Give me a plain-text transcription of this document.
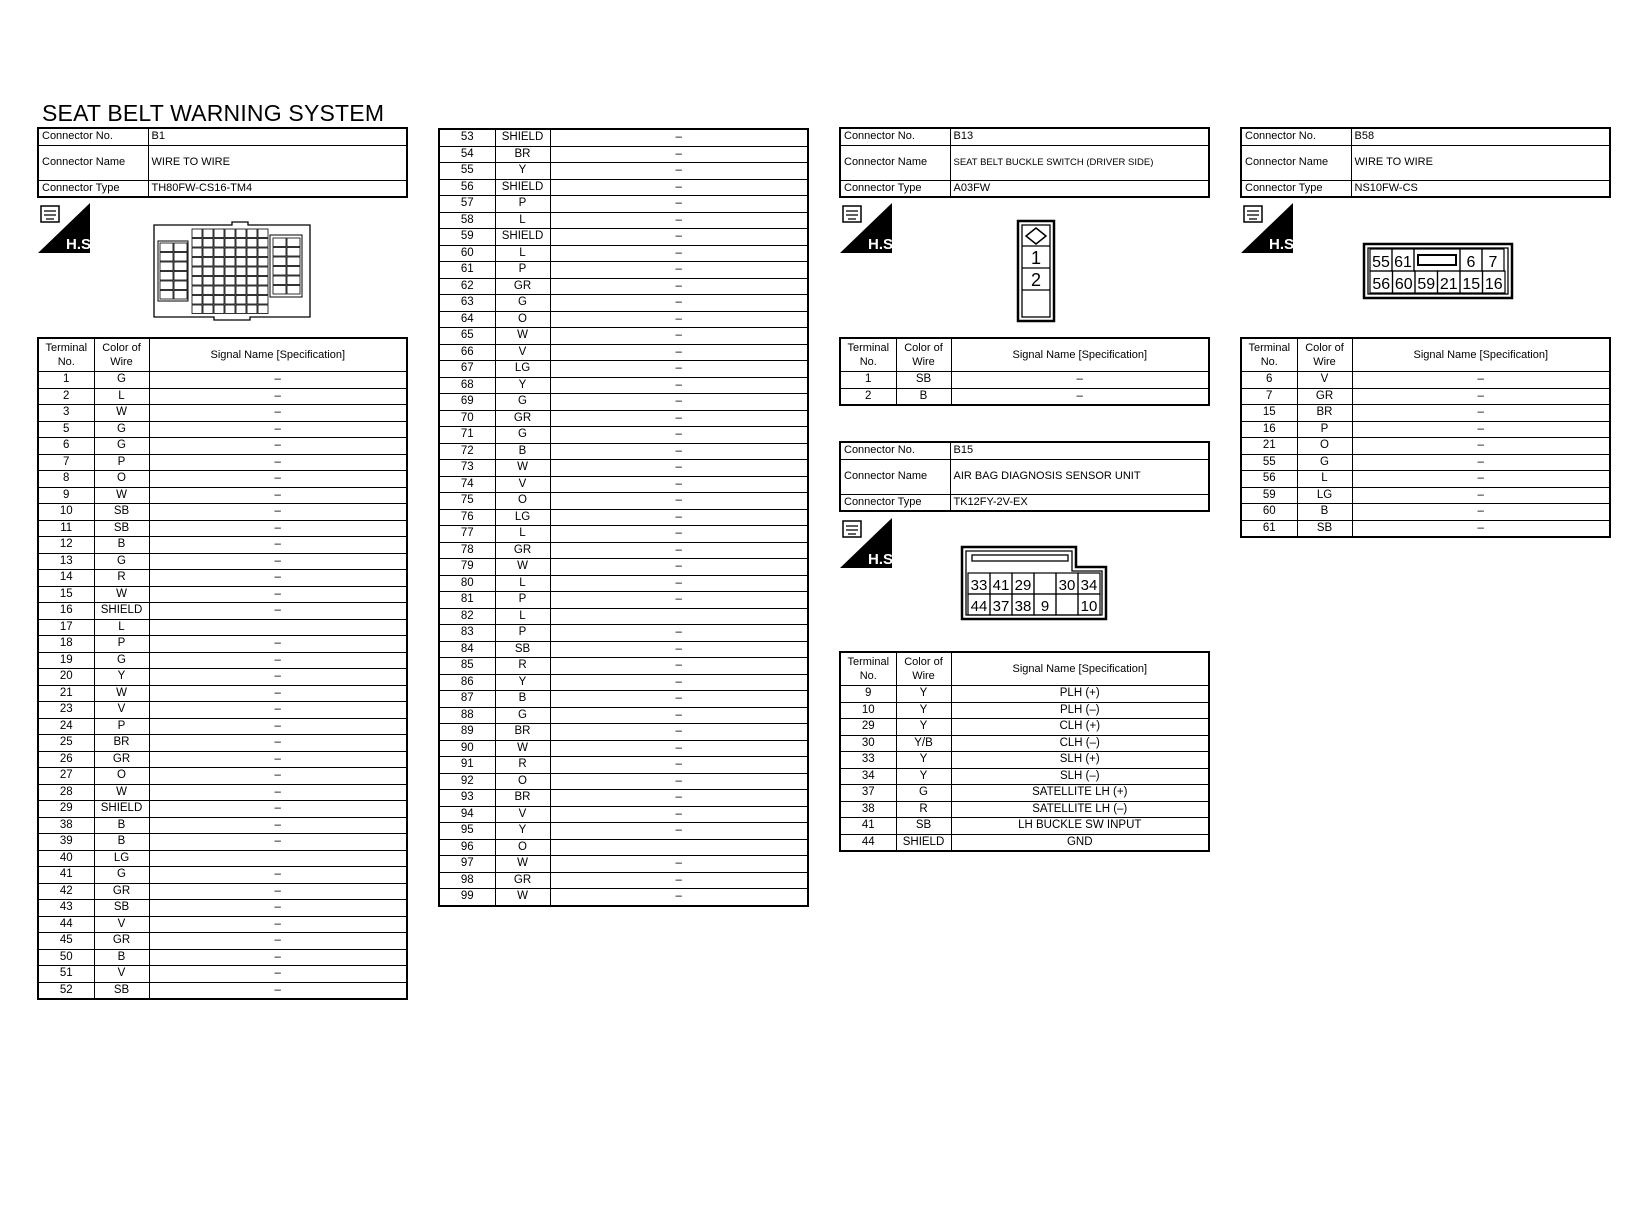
SEAT BELT WARNING SYSTEM
Connector No.	B1
Connector Name	WIRE TO WIRE
Connector Type	TH80FW-CS16-TM4
H.S.
Terminal No.	Color of Wire	Signal Name [Specification]
1	G	–
2	L	–
3	W	–
5	G	–
6	G	–
7	P	–
8	O	–
9	W	–
10	SB	–
11	SB	–
12	B	–
13	G	–
14	R	–
15	W	–
16	SHIELD	–
17	L	
18	P	–
19	G	–
20	Y	–
21	W	–
23	V	–
24	P	–
25	BR	–
26	GR	–
27	O	–
28	W	–
29	SHIELD	–
38	B	–
39	B	–
40	LG	
41	G	–
42	GR	–
43	SB	–
44	V	–
45	GR	–
50	B	–
51	V	–
52	SB	–
53	SHIELD	–
54	BR	–
55	Y	–
56	SHIELD	–
57	P	–
58	L	–
59	SHIELD	–
60	L	–
61	P	–
62	GR	–
63	G	–
64	O	–
65	W	–
66	V	–
67	LG	–
68	Y	–
69	G	–
70	GR	–
71	G	–
72	B	–
73	W	–
74	V	–
75	O	–
76	LG	–
77	L	–
78	GR	–
79	W	–
80	L	–
81	P	–
82	L	
83	P	–
84	SB	–
85	R	–
86	Y	–
87	B	–
88	G	–
89	BR	–
90	W	–
91	R	–
92	O	–
93	BR	–
94	V	–
95	Y	–
96	O	
97	W	–
98	GR	–
99	W	–
Connector No.	B13
Connector Name	SEAT BELT BUCKLE SWITCH (DRIVER SIDE)
Connector Type	A03FW
H.S.
1
2
Terminal No.	Color of Wire	Signal Name [Specification]
1	SB	–
2	B	–
Connector No.	B15
Connector Name	AIR BAG DIAGNOSIS SENSOR UNIT
Connector Type	TK12FY-2V-EX
H.S.
33 41 29 30 34
44 37 38 9 10
Terminal No.	Color of Wire	Signal Name [Specification]
9	Y	PLH (+)
10	Y	PLH (–)
29	Y	CLH (+)
30	Y/B	CLH (–)
33	Y	SLH (+)
34	Y	SLH (–)
37	G	SATELLITE LH (+)
38	R	SATELLITE LH (–)
41	SB	LH BUCKLE SW INPUT
44	SHIELD	GND
Connector No.	B58
Connector Name	WIRE TO WIRE
Connector Type	NS10FW-CS
H.S.
55 61	6 7
56 60 59 21 15 16
Terminal No.	Color of Wire	Signal Name [Specification]
6	V	–
7	GR	–
15	BR	–
16	P	–
21	O	–
55	G	–
56	L	–
59	LG	–
60	B	–
61	SB	–
